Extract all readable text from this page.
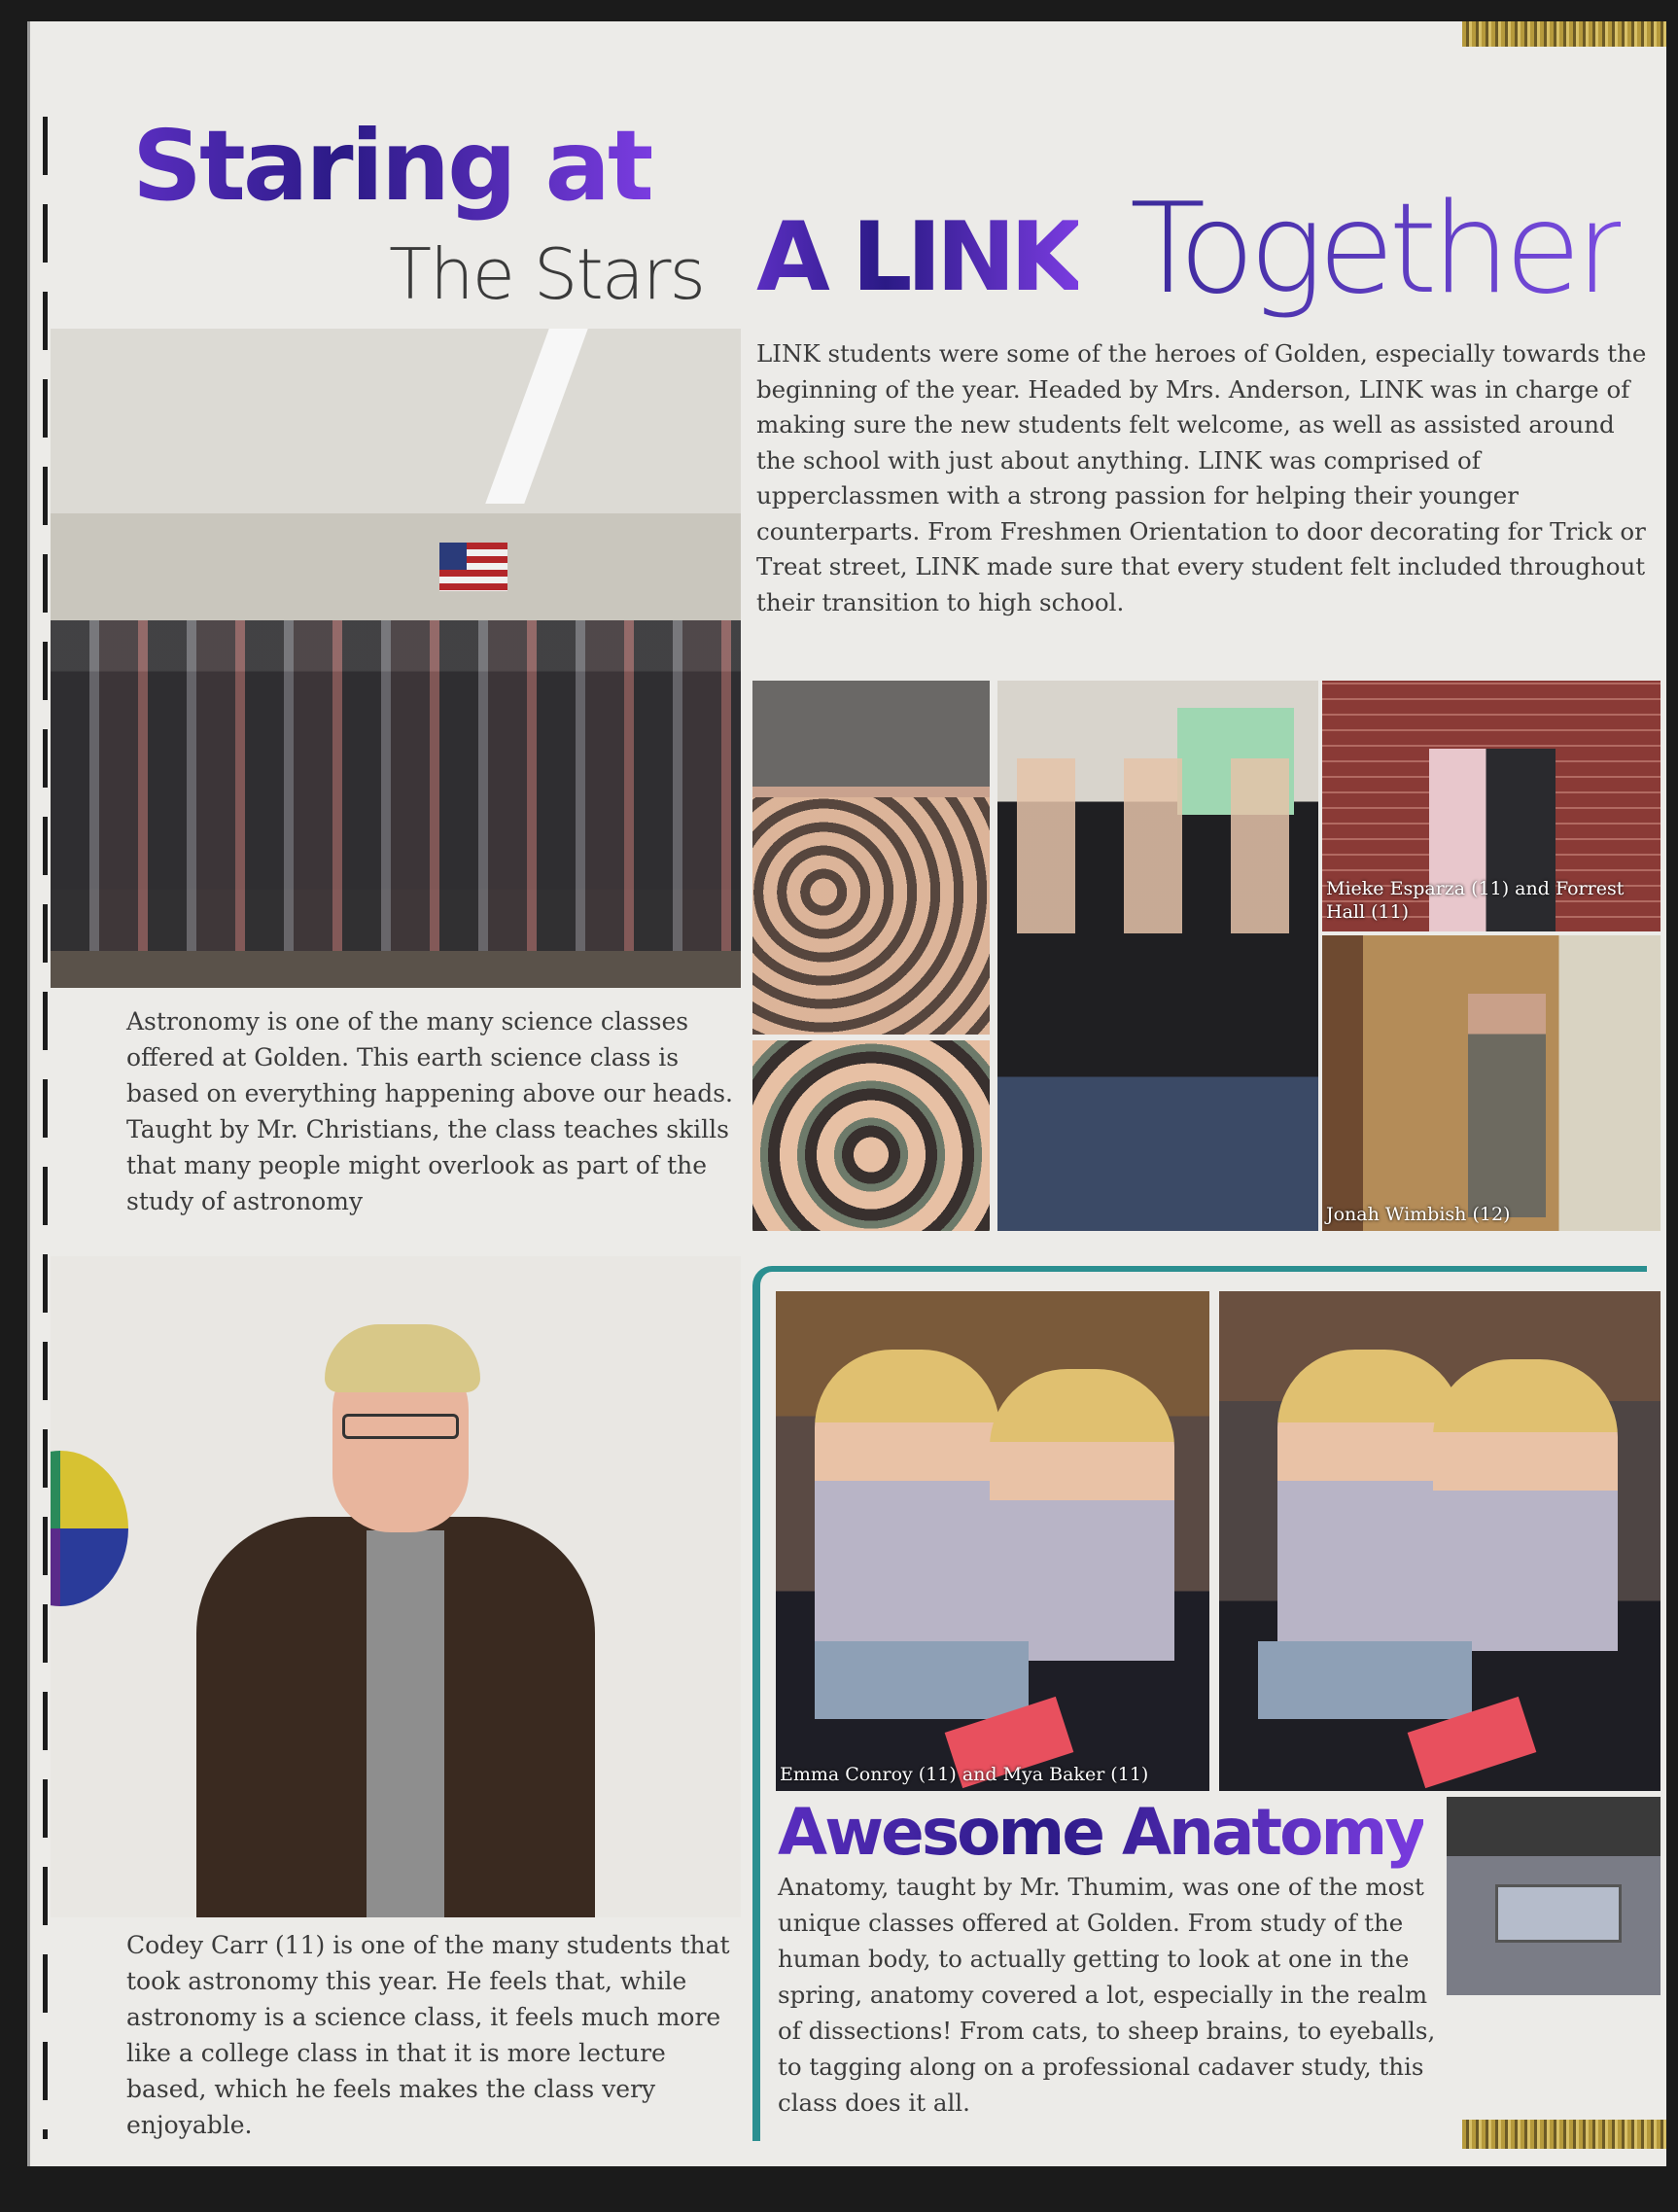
Staring at
The Stars
Astronomy is one of the many science classes offered at Golden. This earth science class is based on everything happening above our heads. Taught by Mr. Christians, the class teaches skills that many people might overlook as part of the study of astronomy
Codey Carr (11) is one of the many students that took astronomy this year. He feels that, while astronomy is a science class, it feels much more like a college class in that it is more lecture based, which he feels makes the class very enjoyable.
A LINK Together
LINK students were some of the heroes of Golden, especially towards the beginning of the year. Headed by Mrs. Anderson, LINK was in charge of making sure the new students felt welcome, as well as assisted around the school with just about anything. LINK was comprised of upperclassmen with a strong passion for helping their younger counterparts. From Freshmen Orientation to door decorating for Trick or Treat street, LINK made sure that every student felt included throughout their transition to high school.
Mieke Esparza (11) and Forrest Hall (11)
Jonah Wimbish (12)
Emma Conroy (11) and Mya Baker (11)
Awesome Anatomy
Anatomy, taught by Mr. Thumim, was one of the most unique classes offered at Golden. From study of the human body, to actually getting to look at one in the spring, anatomy covered a lot, especially in the realm of dissections! From cats, to sheep brains, to eyeballs, to tagging along on a professional cadaver study, this class does it all.
